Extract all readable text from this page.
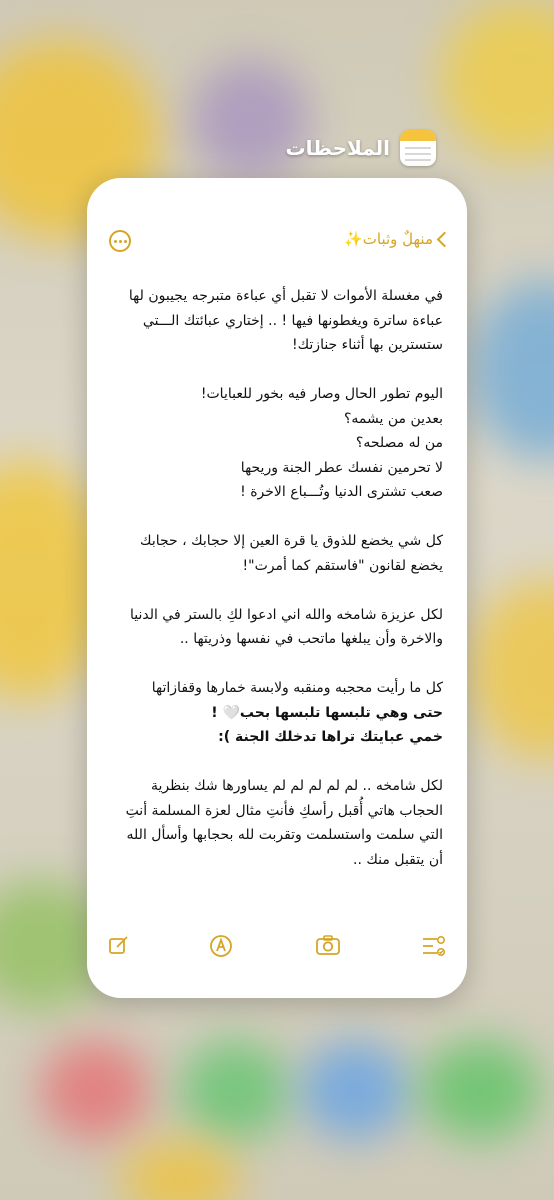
الملاحظات

منهلٌ وثبات✨

في مغسلة الأموات لا تقبل أي عباءة متبرجه يجيبون لها عباءة ساترة ويغطونها فيها ! .. إختاري عبائتك الـــتي ستسترين بها أثناء جنازتك!

اليوم تطور الحال وصار فيه بخور للعبايات!

بعدين من يشمه؟

من له مصلحه؟

لا تحرمين نفسك عطر الجنة وريحها

صعب تشترى الدنيا وتُـــباع الاخرة !

كل شي يخضع للذوق يا قرة العين إلا حجابك ، حجابك يخضع لقانون "فاستقم كما أمرت"!

لكل عزيزة شامخه والله اني ادعوا لكِ بالستر في الدنيا والاخرة وأن يبلغها ماتحب في نفسها وذريتها ..

كل ما رأيت محجبه ومنقبه ولابسة خمارها وقفازاتها

حتى وهي تلبسها تلبسها بحب🤍 !

خمي عبايتك تراها تدخلك الجنة ):

لكل شامخه .. لم لم لم لم لم يساورها شك بنظرية الحجاب هاتي أُقبل رأسكِ فأنتِ مثال لعزة المسلمة أنتِ التي سلمت واستسلمت وتقربت لله بحجابها وأسأل الله أن يتقبل منك ..
